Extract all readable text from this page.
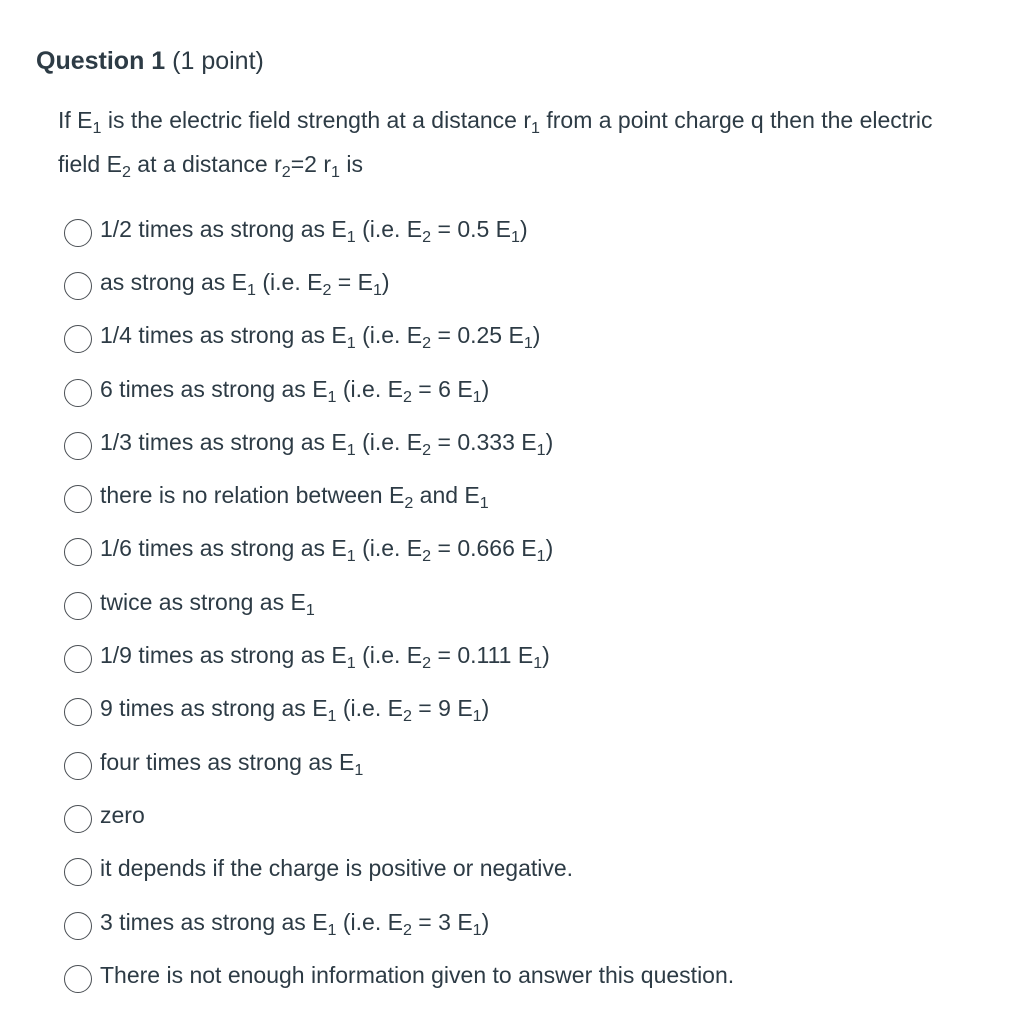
Question 1 (1 point)

If $E_1$ is the electric field strength at a distance $r_1$ from a point charge q then the electric field $E_2$ at a distance $r_2=2$ $r_1$ is

1/2 times as strong as $E_1$ (i.e. $E_2 = 0.5$ $E_1$)
as strong as $E_1$ (i.e. $E_2 = E_1$)
1/4 times as strong as $E_1$ (i.e. $E_2 = 0.25$ $E_1$)
6 times as strong as $E_1$ (i.e. $E_2 = 6$ $E_1$)
1/3 times as strong as $E_1$ (i.e. $E_2 = 0.333$ $E_1$)
there is no relation between $E_2$ and $E_1$
1/6 times as strong as $E_1$ (i.e. $E_2 = 0.666$ $E_1$)
twice as strong as $E_1$
1/9 times as strong as $E_1$ (i.e. $E_2 = 0.111$ $E_1$)
9 times as strong as $E_1$ (i.e. $E_2 = 9$ $E_1$)
four times as strong as $E_1$
zero
it depends if the charge is positive or negative.
3 times as strong as $E_1$ (i.e. $E_2 = 3$ $E_1$)
There is not enough information given to answer this question.
